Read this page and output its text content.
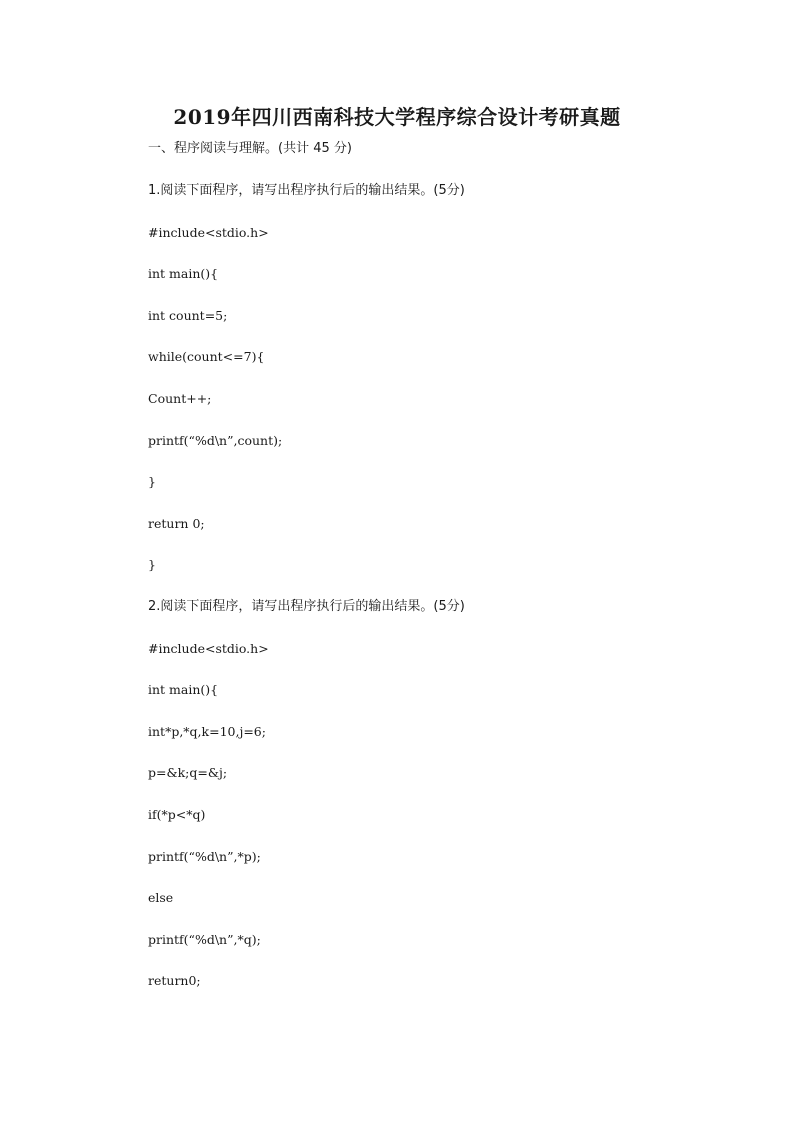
2019年四川西南科技大学程序综合设计考研真题
一、程序阅读与理解。(共计 45 分)
1.阅读下面程序，请写出程序执行后的输出结果。(5分)
#include<stdio.h>
int main(){
int count=5;
while(count<=7){
Count++;
printf(“%d\n”,count);
}
return 0;
}
2.阅读下面程序，请写出程序执行后的输出结果。(5分)
#include<stdio.h>
int main(){
int*p,*q,k=10,j=6;
p=&k;q=&j;
if(*p<*q)
printf(“%d\n”,*p);
else
printf(“%d\n”,*q);
return0;
